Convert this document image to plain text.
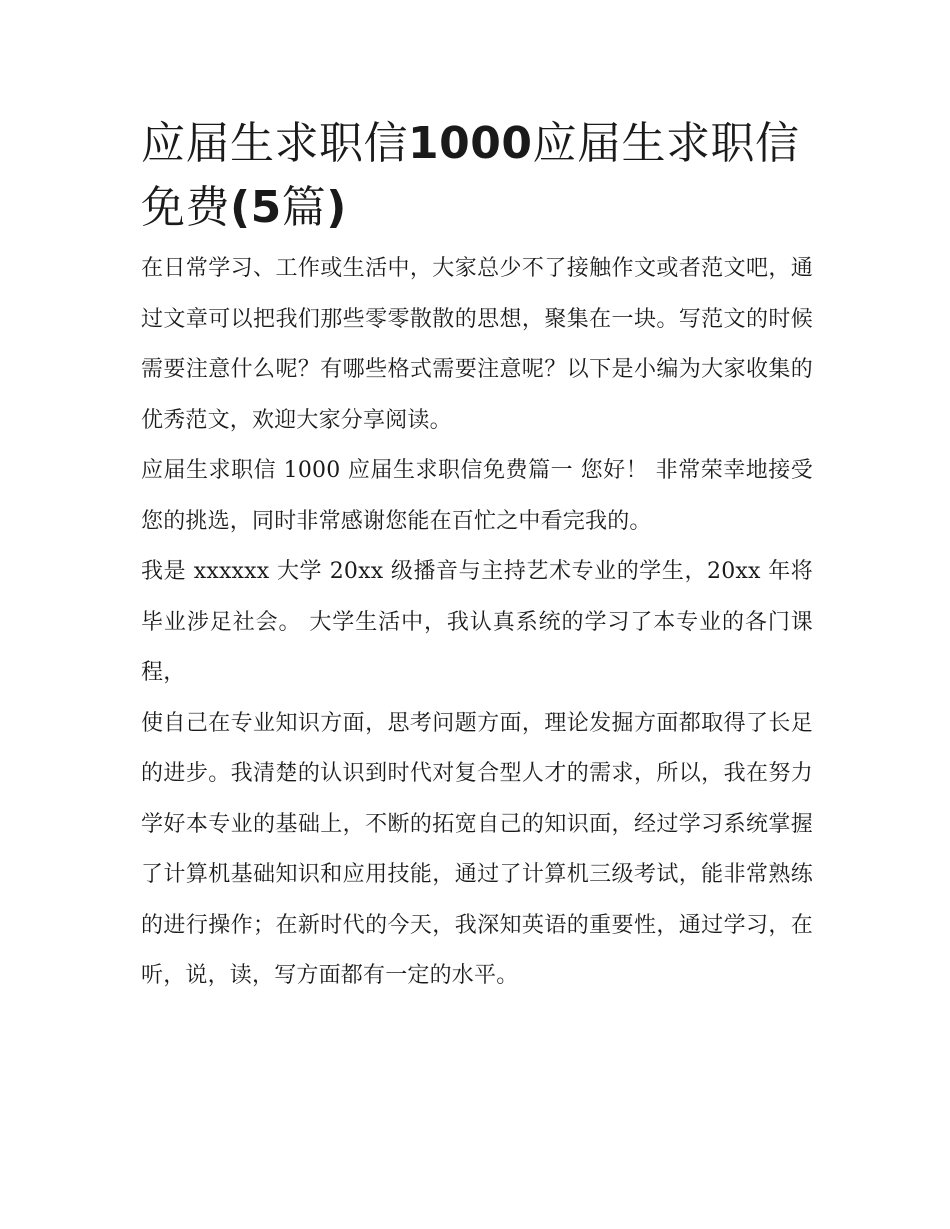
应届生求职信1000应届生求职信免费(5篇)

在日常学习、工作或生活中，大家总少不了接触作文或者范文吧，通过文章可以把我们那些零零散散的思想，聚集在一块。写范文的时候需要注意什么呢？有哪些格式需要注意呢？以下是小编为大家收集的优秀范文，欢迎大家分享阅读。

应届生求职信 1000 应届生求职信免费篇一 您好！ 非常荣幸地接受您的挑选，同时非常感谢您能在百忙之中看完我的。

我是 xxxxxx 大学 20xx 级播音与主持艺术专业的学生，20xx 年将毕业涉足社会。 大学生活中，我认真系统的学习了本专业的各门课程，

使自己在专业知识方面，思考问题方面，理论发掘方面都取得了长足的进步。我清楚的认识到时代对复合型人才的需求，所以，我在努力学好本专业的基础上，不断的拓宽自己的知识面，经过学习系统掌握了计算机基础知识和应用技能，通过了计算机三级考试，能非常熟练的进行操作；在新时代的今天，我深知英语的重要性，通过学习，在听，说，读，写方面都有一定的水平。
